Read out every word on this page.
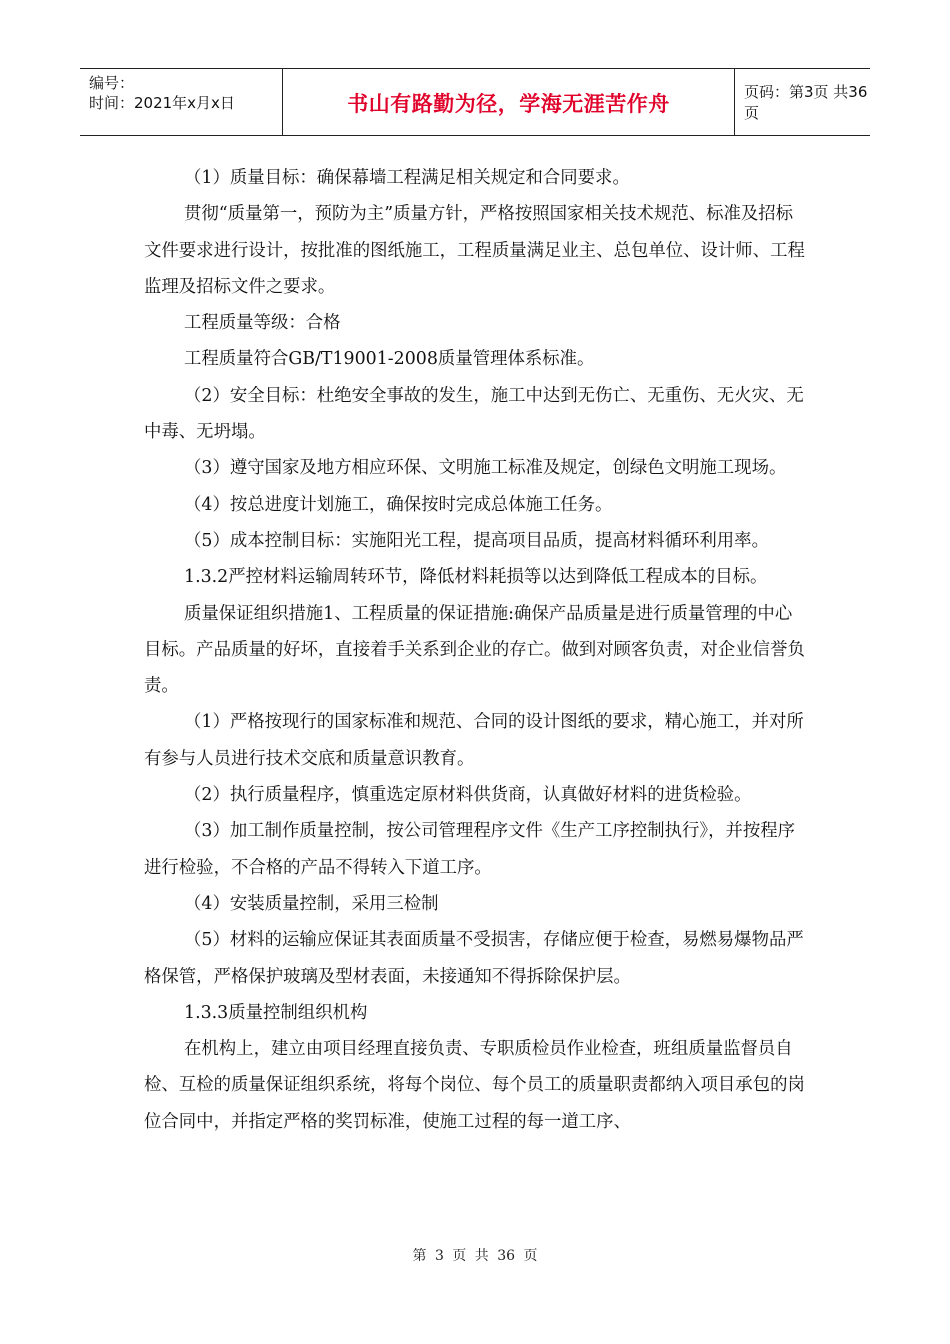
编号：
时间：2021年x月x日	书山有路勤为径，学海无涯苦作舟	页码：第3页 共36页

（1）质量目标：确保幕墙工程满足相关规定和合同要求。

贯彻“质量第一，预防为主”质量方针，严格按照国家相关技术规范、标准及招标文件要求进行设计，按批准的图纸施工，工程质量满足业主、总包单位、设计师、工程监理及招标文件之要求。

工程质量等级：合格

工程质量符合GB/T19001-2008质量管理体系标准。

（2）安全目标：杜绝安全事故的发生，施工中达到无伤亡、无重伤、无火灾、无中毒、无坍塌。

（3）遵守国家及地方相应环保、文明施工标准及规定，创绿色文明施工现场。

（4）按总进度计划施工，确保按时完成总体施工任务。

（5）成本控制目标：实施阳光工程，提高项目品质，提高材料循环利用率。

1.3.2严控材料运输周转环节，降低材料耗损等以达到降低工程成本的目标。

质量保证组织措施1、工程质量的保证措施:确保产品质量是进行质量管理的中心目标。产品质量的好坏，直接着手关系到企业的存亡。做到对顾客负责，对企业信誉负责。

（1）严格按现行的国家标准和规范、合同的设计图纸的要求，精心施工，并对所有参与人员进行技术交底和质量意识教育。

（2）执行质量程序，慎重选定原材料供货商，认真做好材料的进货检验。

（3）加工制作质量控制，按公司管理程序文件《生产工序控制执行》，并按程序进行检验，不合格的产品不得转入下道工序。

（4）安装质量控制，采用三检制

（5）材料的运输应保证其表面质量不受损害，存储应便于检查，易燃易爆物品严格保管，严格保护玻璃及型材表面，未接通知不得拆除保护层。

1.3.3质量控制组织机构

在机构上，建立由项目经理直接负责、专职质检员作业检查，班组质量监督员自检、互检的质量保证组织系统，将每个岗位、每个员工的质量职责都纳入项目承包的岗位合同中，并指定严格的奖罚标准，使施工过程的每一道工序、

第 3 页 共 36 页
